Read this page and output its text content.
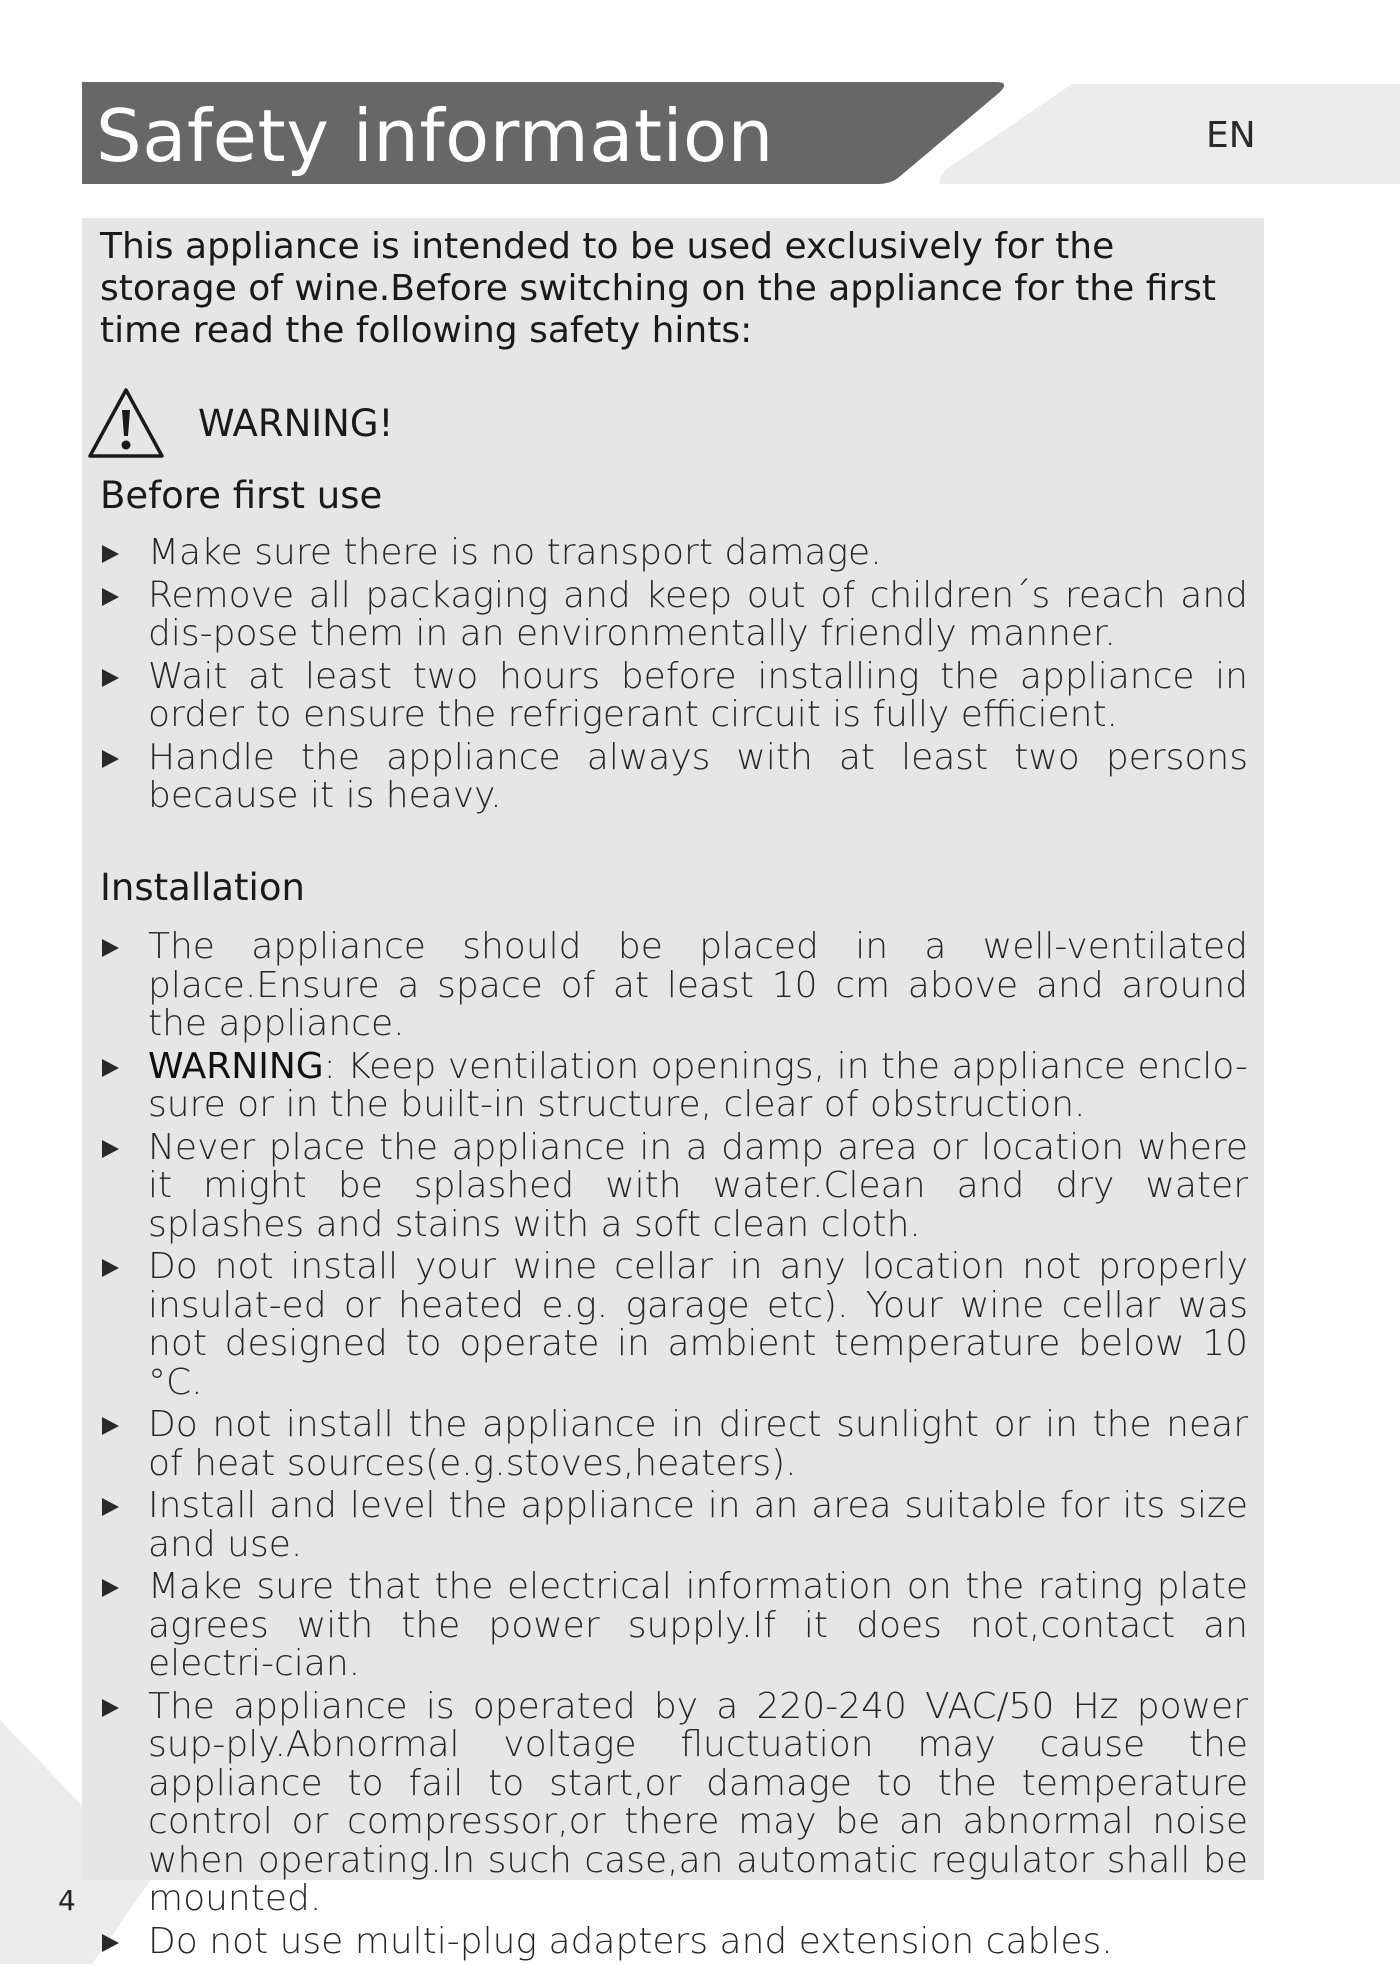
Safety information	EN
This appliance is intended to be used exclusively for the storage of wine.Before switching on the appliance for the first time read the following safety hints:
WARNING!
Before first use
Make sure there is no transport damage.
Remove all packaging and keep out of children´s reach and dis-pose them in an environmentally friendly manner.
Wait at least two hours before installing the appliance in order to ensure the refrigerant circuit is fully efficient.
Handle the appliance always with at least two persons because it is heavy.
Installation
The appliance should be placed in a well-ventilated place.Ensure a space of at least 10 cm above and around the appliance.
WARNING: Keep ventilation openings, in the appliance enclo-sure or in the built-in structure, clear of obstruction.
Never place the appliance in a damp area or location where it might be splashed with water.Clean and dry water splashes and stains with a soft clean cloth.
Do not install your wine cellar in any location not properly insulat-ed or heated e.g. garage etc). Your wine cellar was not designed to operate in ambient temperature below 10 °C.
Do not install the appliance in direct sunlight or in the near of heat sources(e.g.stoves,heaters).
Install and level the appliance in an area suitable for its size and use.
Make sure that the electrical information on the rating plate agrees with the power supply.If it does not,contact an electri-cian.
The appliance is operated by a 220-240 VAC/50 Hz power sup-ply.Abnormal voltage fluctuation may cause the appliance to fail to start,or damage to the temperature control or compressor,or there may be an abnormal noise when operating.In such case,an automatic regulator shall be mounted.
Do not use multi-plug adapters and extension cables.
4
